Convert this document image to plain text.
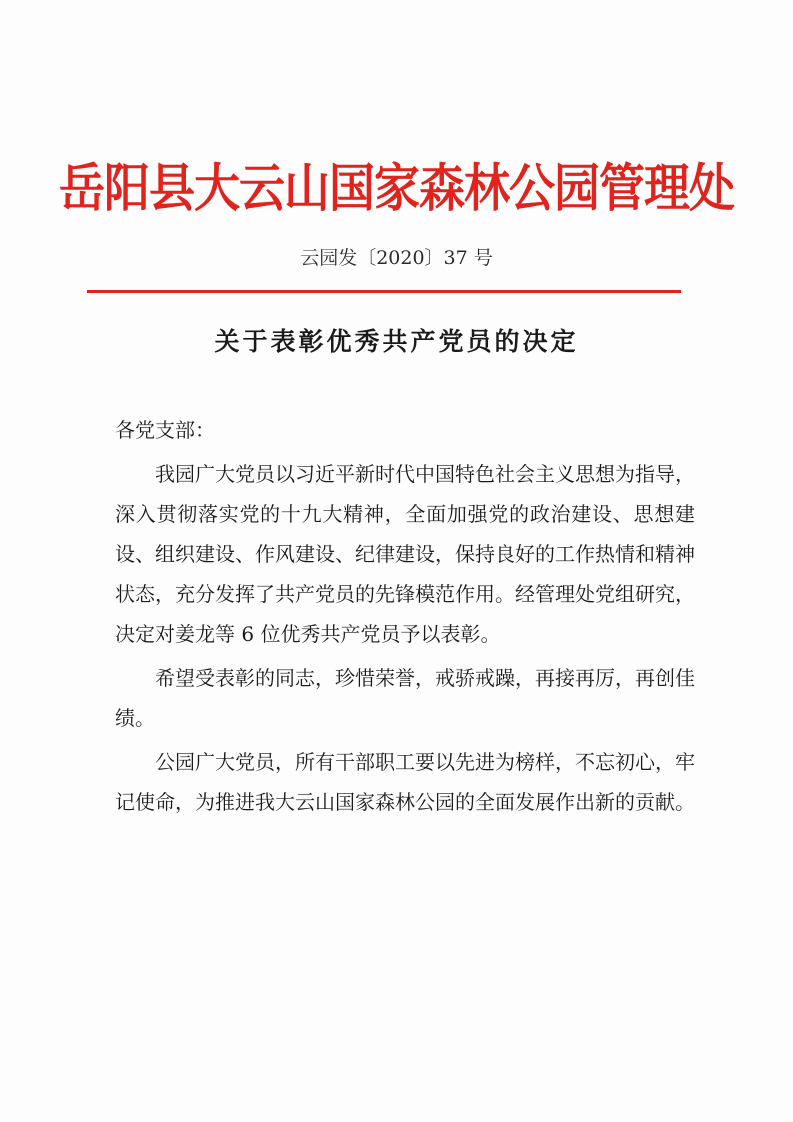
岳阳县大云山国家森林公园管理处
云园发〔2020〕37 号
关于表彰优秀共产党员的决定

各党支部：

我园广大党员以习近平新时代中国特色社会主义思想为指导，深入贯彻落实党的十九大精神，全面加强党的政治建设、思想建设、组织建设、作风建设、纪律建设，保持良好的工作热情和精神状态，充分发挥了共产党员的先锋模范作用。经管理处党组研究，决定对姜龙等 6 位优秀共产党员予以表彰。

希望受表彰的同志，珍惜荣誉，戒骄戒躁，再接再厉，再创佳绩。

公园广大党员，所有干部职工要以先进为榜样，不忘初心，牢记使命，为推进我大云山国家森林公园的全面发展作出新的贡献。
